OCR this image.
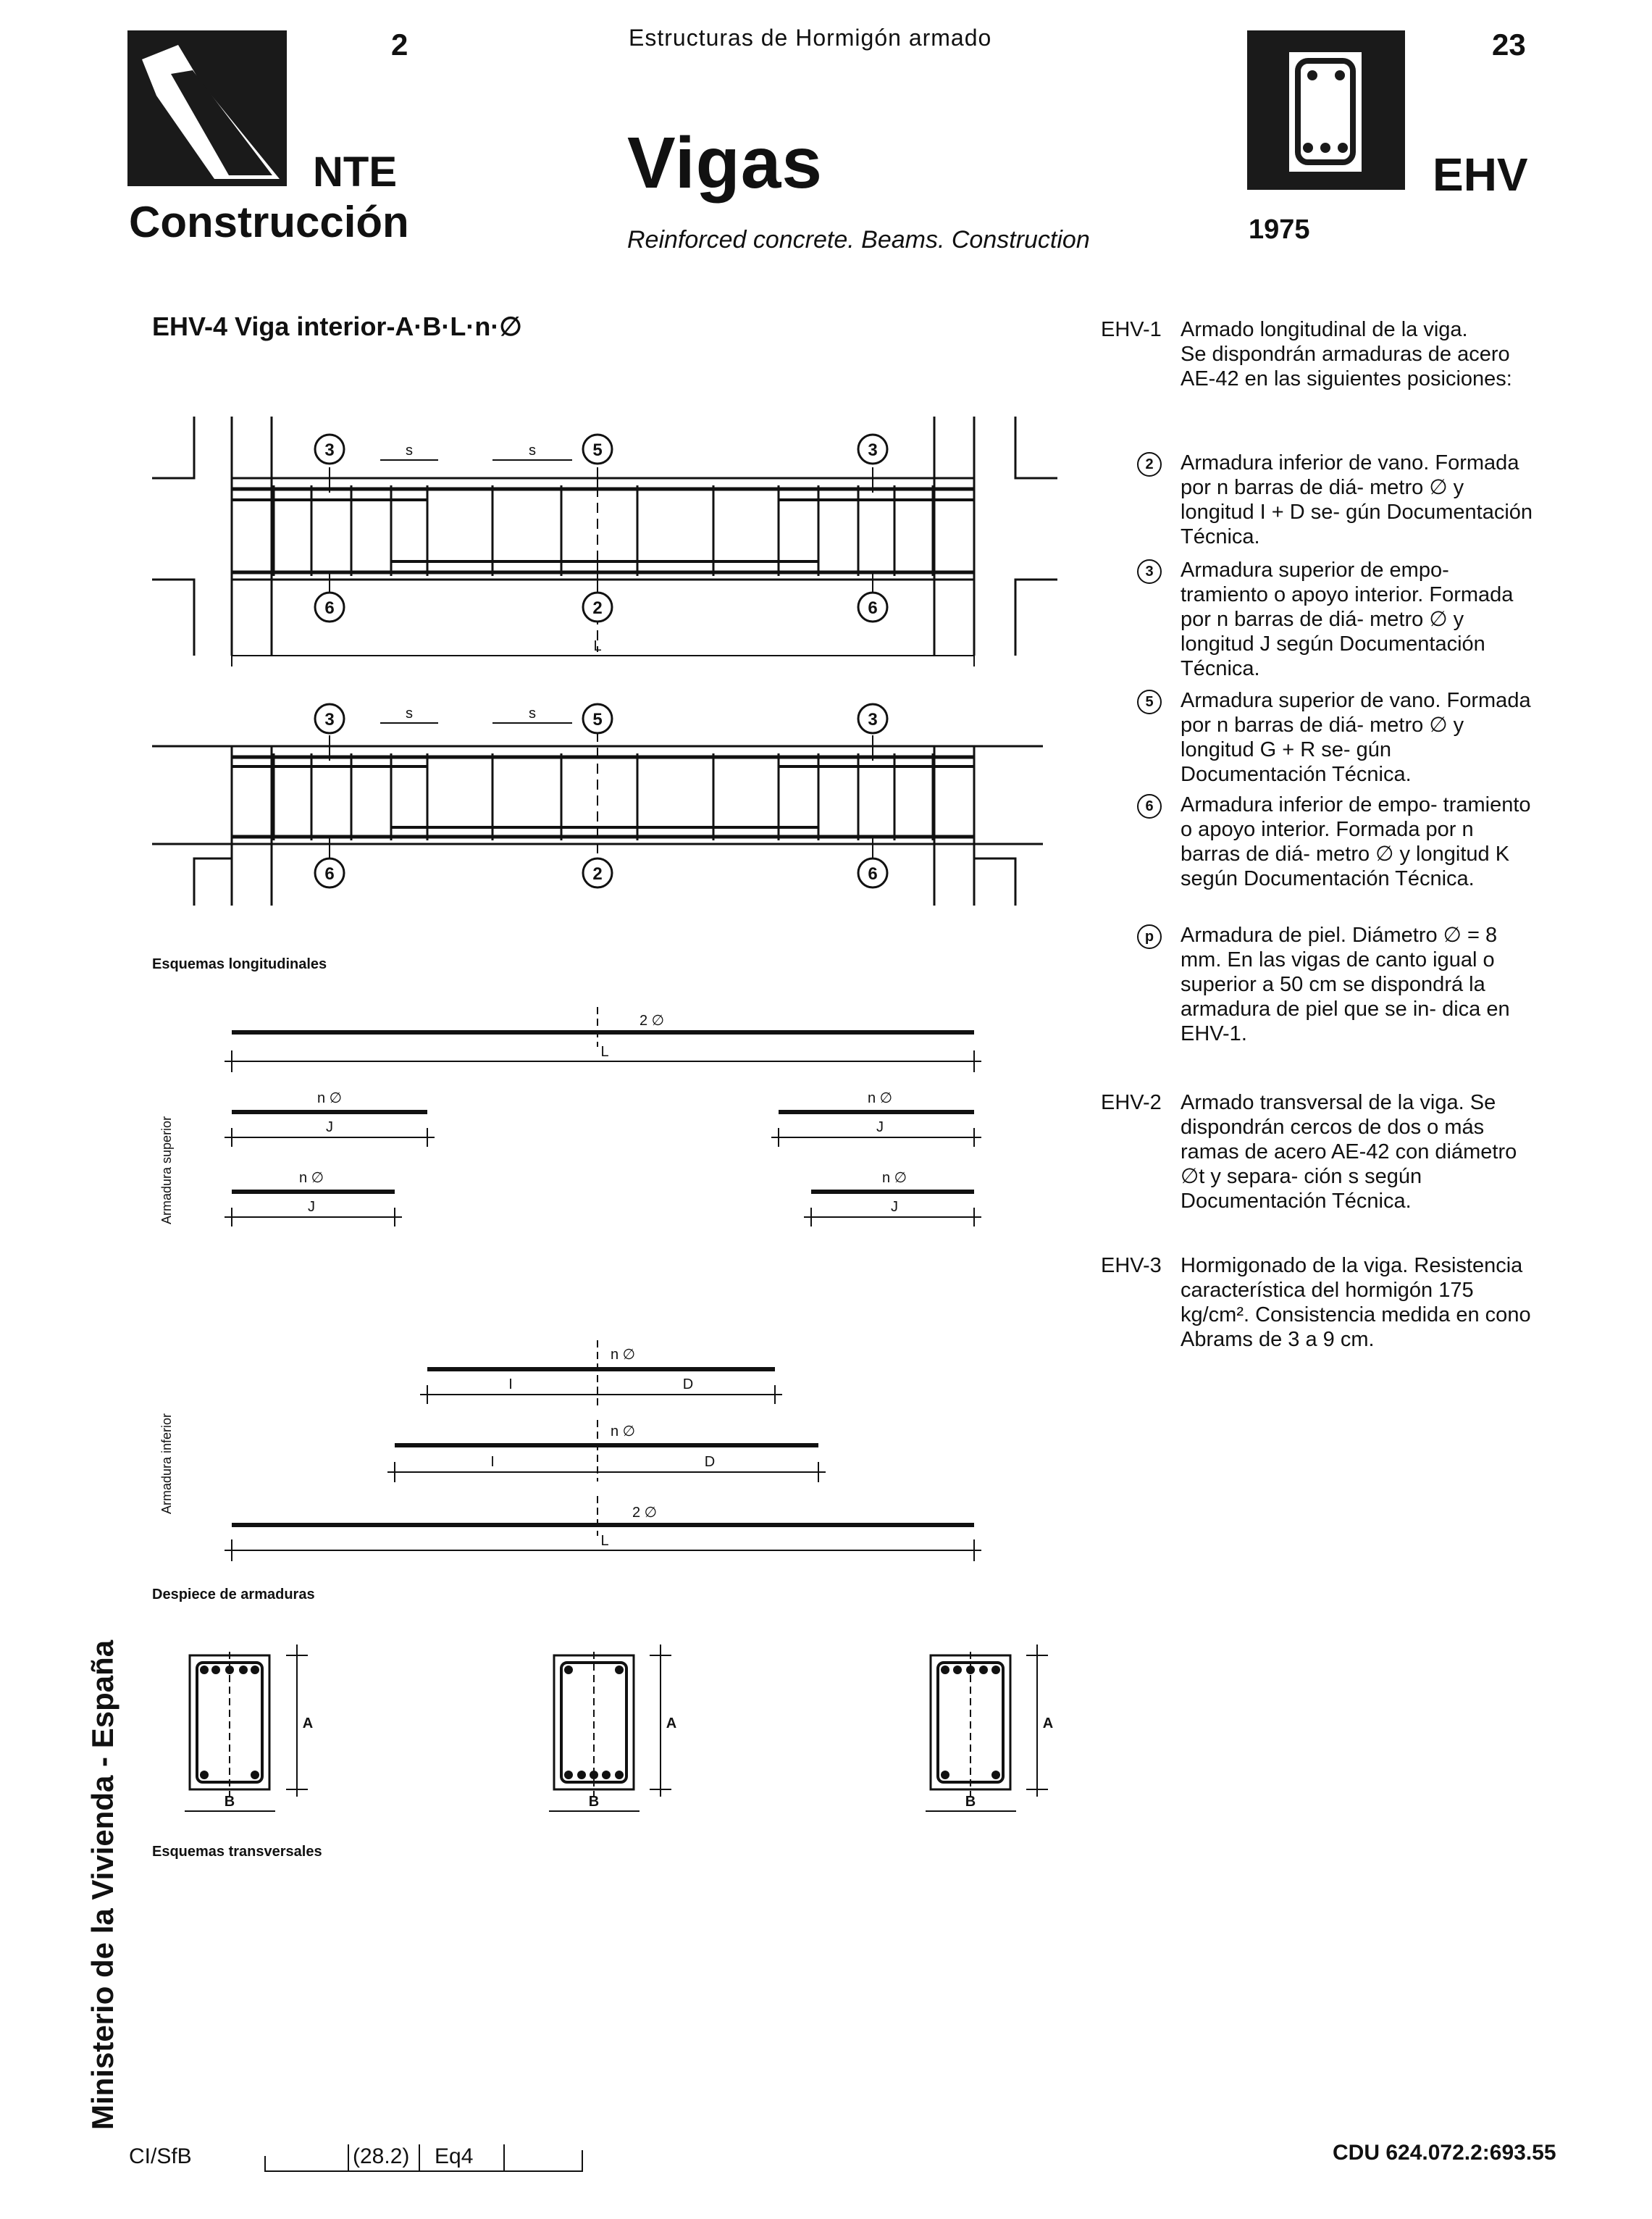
2	Estructuras de Hormigón armado	23
NTE
Construcción
Vigas
Reinforced concrete. Beams. Construction	1975
EHV
EHV-4 Viga interior-A·B·L·n·∅
3	5	3
6	2	6
3	5	3
6	2	6
s	s
L
s	s
2 ∅
L
n ∅
J
n ∅
J
n ∅
J
n ∅
J
n ∅
I	D
n ∅
I	D
2 ∅
L
A
B
A
B
A
B
Esquemas longitudinales
Armadura superior
Armadura inferior
Despiece de armaduras
Esquemas transversales
EHV-1 Armado longitudinal de la viga.
Se dispondrán armaduras de acero AE-42 en las siguientes posiciones:
2	Armadura inferior de vano. Formada por n barras de diá- metro ∅ y longitud I + D se- gún Documentación Técnica.
3	Armadura superior de empo- tramiento o apoyo interior. Formada por n barras de diá- metro ∅ y longitud J según Documentación Técnica.
5	Armadura superior de vano. Formada por n barras de diá- metro ∅ y longitud G + R se- gún Documentación Técnica.
6	Armadura inferior de empo- tramiento o apoyo interior. Formada por n barras de diá- metro ∅ y longitud K según Documentación Técnica.
p	Armadura de piel. Diámetro ∅ = 8 mm. En las vigas de canto igual o superior a 50 cm se dispondrá la armadura de piel que se in- dica en EHV-1.
EHV-2 Armado transversal de la viga. Se dispondrán cercos de dos o más ramas de acero AE-42 con diámetro ∅t y separa- ción s según Documentación Técnica.
EHV-3 Hormigonado de la viga. Resistencia característica del hormigón 175 kg/cm². Consistencia medida en cono Abrams de 3 a 9 cm.
Ministerio de la Vivienda - España
CI/SfB	(28.2) Eq4	CDU 624.072.2:693.55
